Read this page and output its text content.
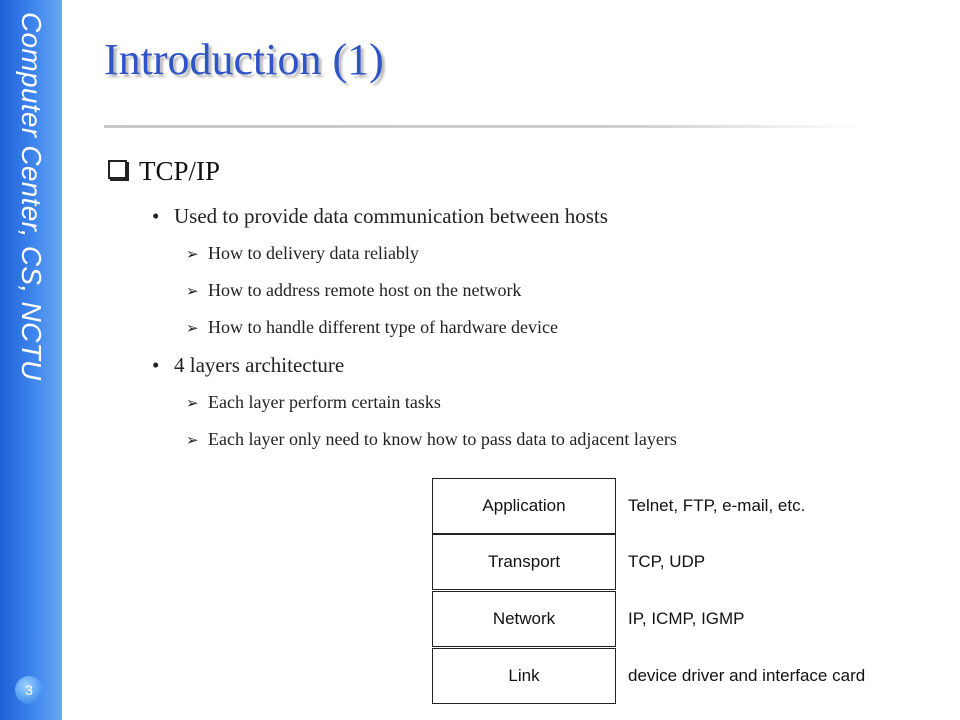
Computer Center, CS, NCTU
3
Introduction (1)
TCP/IP
• Used to provide data communication between hosts
➢ How to delivery data reliably
➢ How to address remote host on the network
➢ How to handle different type of hardware device
• 4 layers architecture
➢ Each layer perform certain tasks
➢ Each layer only need to know how to pass data to adjacent layers
Application
Transport
Network
Link
Telnet, FTP, e-mail, etc.
TCP, UDP
IP, ICMP, IGMP
device driver and interface card
